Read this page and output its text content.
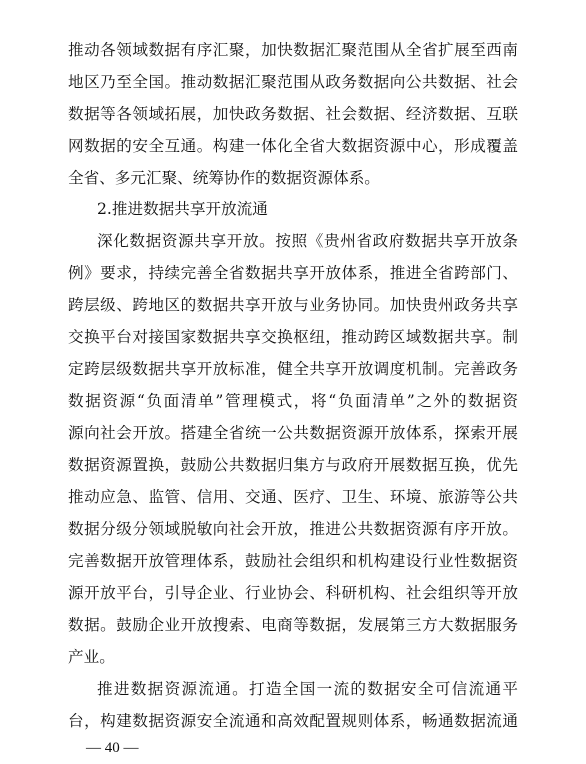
推动各领域数据有序汇聚，加快数据汇聚范围从全省扩展至西南
地区乃至全国。推动数据汇聚范围从政务数据向公共数据、社会
数据等各领域拓展，加快政务数据、社会数据、经济数据、互联
网数据的安全互通。构建一体化全省大数据资源中心，形成覆盖
全省、多元汇聚、统筹协作的数据资源体系。
2.推进数据共享开放流通
深化数据资源共享开放。按照《贵州省政府数据共享开放条
例》要求，持续完善全省数据共享开放体系，推进全省跨部门、
跨层级、跨地区的数据共享开放与业务协同。加快贵州政务共享
交换平台对接国家数据共享交换枢纽，推动跨区域数据共享。制
定跨层级数据共享开放标准，健全共享开放调度机制。完善政务
数据资源“负面清单”管理模式，将“负面清单”之外的数据资
源向社会开放。搭建全省统一公共数据资源开放体系，探索开展
数据资源置换，鼓励公共数据归集方与政府开展数据互换，优先
推动应急、监管、信用、交通、医疗、卫生、环境、旅游等公共
数据分级分领域脱敏向社会开放，推进公共数据资源有序开放。
完善数据开放管理体系，鼓励社会组织和机构建设行业性数据资
源开放平台，引导企业、行业协会、科研机构、社会组织等开放
数据。鼓励企业开放搜索、电商等数据，发展第三方大数据服务
产业。
推进数据资源流通。打造全国一流的数据安全可信流通平
台，构建数据资源安全流通和高效配置规则体系，畅通数据流通
— 40 —
